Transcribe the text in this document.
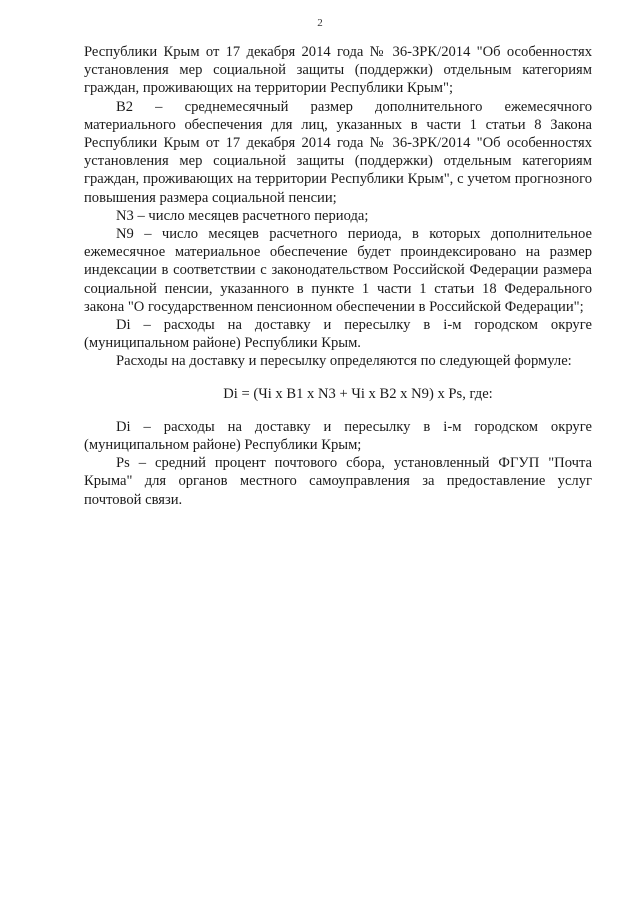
2

Республики Крым от 17 декабря 2014 года № 36-ЗРК/2014 "Об особенностях установления мер социальной защиты (поддержки) отдельным категориям граждан, проживающих на территории Республики Крым";

В2 – среднемесячный размер дополнительного ежемесячного материального обеспечения для лиц, указанных в части 1 статьи 8 Закона Республики Крым от 17 декабря 2014 года № 36-ЗРК/2014 "Об особенностях установления мер социальной защиты (поддержки) отдельным категориям граждан, проживающих на территории Республики Крым", с учетом прогнозного повышения размера социальной пенсии;

N3 – число месяцев расчетного периода;

N9 – число месяцев расчетного периода, в которых дополнительное ежемесячное материальное обеспечение будет проиндексировано на размер индексации в соответствии с законодательством Российской Федерации размера социальной пенсии, указанного в пункте 1 части 1 статьи 18 Федерального закона "О государственном пенсионном обеспечении в Российской Федерации";

Di – расходы на доставку и пересылку в i-м городском округе (муниципальном районе) Республики Крым.

Расходы на доставку и пересылку определяются по следующей формуле:

Di = (Чi х В1 х N3 + Чi х В2 х N9) х Ps, где:

Di – расходы на доставку и пересылку в i-м городском округе (муниципальном районе) Республики Крым;

Ps – средний процент почтового сбора, установленный ФГУП "Почта Крыма" для органов местного самоуправления за предоставление услуг почтовой связи.
